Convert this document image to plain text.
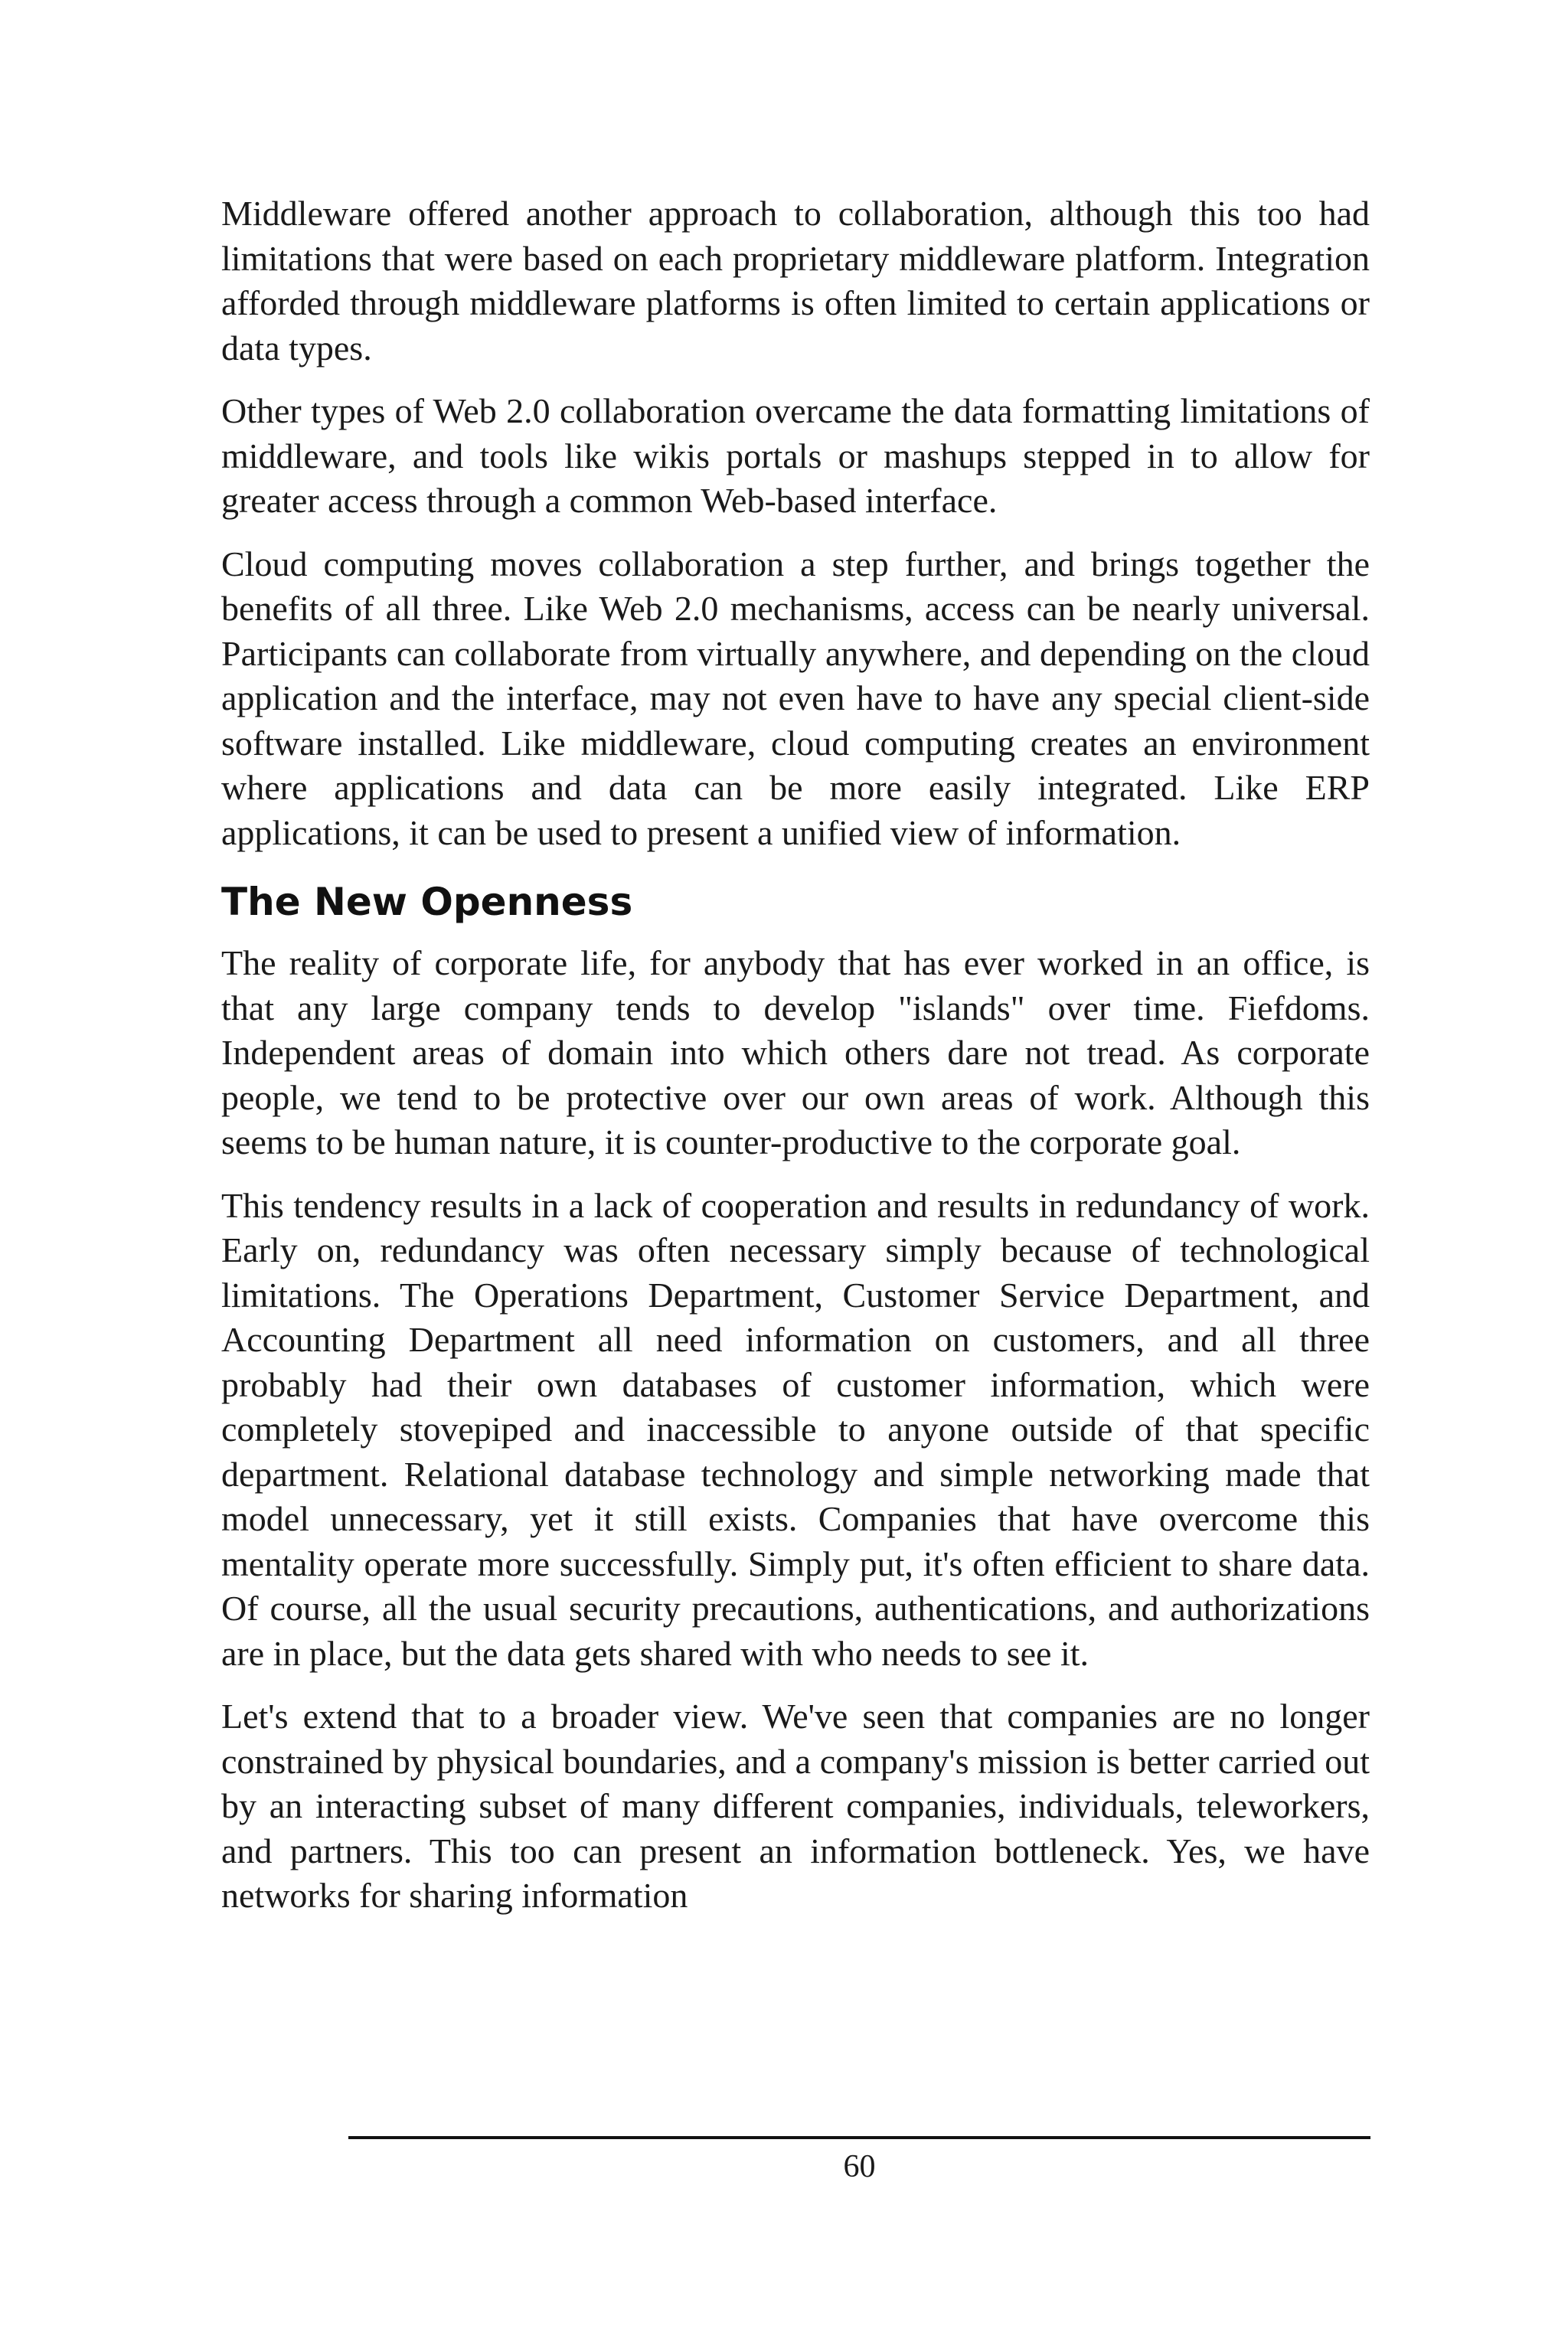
Middleware offered another approach to collaboration, although this too had limitations that were based on each proprietary middleware platform. Integration afforded through middleware platforms is often limited to certain applications or data types.

Other types of Web 2.0 collaboration overcame the data formatting limitations of middleware, and tools like wikis portals or mashups stepped in to allow for greater access through a common Web-based interface.

Cloud computing moves collaboration a step further, and brings together the benefits of all three. Like Web 2.0 mechanisms, access can be nearly universal. Participants can collaborate from virtually anywhere, and depending on the cloud application and the interface, may not even have to have any special client-side software installed. Like middleware, cloud computing creates an environment where applications and data can be more easily integrated. Like ERP applications, it can be used to present a unified view of information.

The New Openness

The reality of corporate life, for anybody that has ever worked in an office, is that any large company tends to develop "islands" over time. Fiefdoms. Independent areas of domain into which others dare not tread. As corporate people, we tend to be protective over our own areas of work. Although this seems to be human nature, it is counter-productive to the corporate goal.

This tendency results in a lack of cooperation and results in redundancy of work. Early on, redundancy was often necessary simply because of technological limitations. The Operations Department, Customer Service Department, and Accounting Department all need information on customers, and all three probably had their own databases of customer information, which were completely stovepiped and inaccessible to anyone outside of that specific department. Relational database technology and simple networking made that model unnecessary, yet it still exists. Companies that have overcome this mentality operate more successfully. Simply put, it's often efficient to share data. Of course, all the usual security precautions, authentications, and authorizations are in place, but the data gets shared with who needs to see it.

Let's extend that to a broader view. We've seen that companies are no longer constrained by physical boundaries, and a company's mission is better carried out by an interacting subset of many different companies, individuals, teleworkers, and partners. This too can present an information bottleneck. Yes, we have networks for sharing information

60
